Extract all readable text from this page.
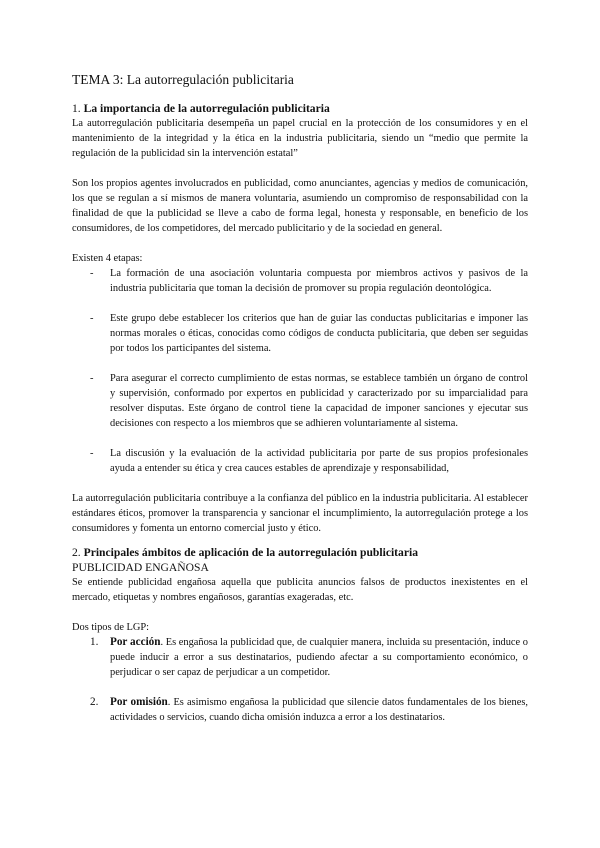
TEMA 3: La autorregulación publicitaria
1. La importancia de la autorregulación publicitaria

La autorregulación publicitaria desempeña un papel crucial en la protección de los consumidores y en el mantenimiento de la integridad y la ética en la industria publicitaria, siendo un “medio que permite la regulación de la publicidad sin la intervención estatal”

Son los propios agentes involucrados en publicidad, como anunciantes, agencias y medios de comunicación, los que se regulan a sí mismos de manera voluntaria, asumiendo un compromiso de responsabilidad con la finalidad de que la publicidad se lleve a cabo de forma legal, honesta y responsable, en beneficio de los consumidores, de los competidores, del mercado publicitario y de la sociedad en general.

Existen 4 etapas:

- La formación de una asociación voluntaria compuesta por miembros activos y pasivos de la industria publicitaria que toman la decisión de promover su propia regulación deontológica.
- Este grupo debe establecer los criterios que han de guiar las conductas publicitarias e imponer las normas morales o éticas, conocidas como códigos de conducta publicitaria, que deben ser seguidas por todos los participantes del sistema.
- Para asegurar el correcto cumplimiento de estas normas, se establece también un órgano de control y supervisión, conformado por expertos en publicidad y caracterizado por su imparcialidad para resolver disputas. Este órgano de control tiene la capacidad de imponer sanciones y ejecutar sus decisiones con respecto a los miembros que se adhieren voluntariamente al sistema.
- La discusión y la evaluación de la actividad publicitaria por parte de sus propios profesionales ayuda a entender su ética y crea cauces estables de aprendizaje y responsabilidad,

La autorregulación publicitaria contribuye a la confianza del público en la industria publicitaria. Al establecer estándares éticos, promover la transparencia y sancionar el incumplimiento, la autorregulación protege a los consumidores y fomenta un entorno comercial justo y ético.

2. Principales ámbitos de aplicación de la autorregulación publicitaria
PUBLICIDAD ENGAÑOSA

Se entiende publicidad engañosa aquella que publicita anuncios falsos de productos inexistentes en el mercado, etiquetas y nombres engañosos, garantías exageradas, etc.

Dos tipos de LGP:

1. Por acción. Es engañosa la publicidad que, de cualquier manera, incluida su presentación, induce o puede inducir a error a sus destinatarios, pudiendo afectar a su comportamiento económico, o perjudicar o ser capaz de perjudicar a un competidor.
2. Por omisión. Es asimismo engañosa la publicidad que silencie datos fundamentales de los bienes, actividades o servicios, cuando dicha omisión induzca a error a los destinatarios.
